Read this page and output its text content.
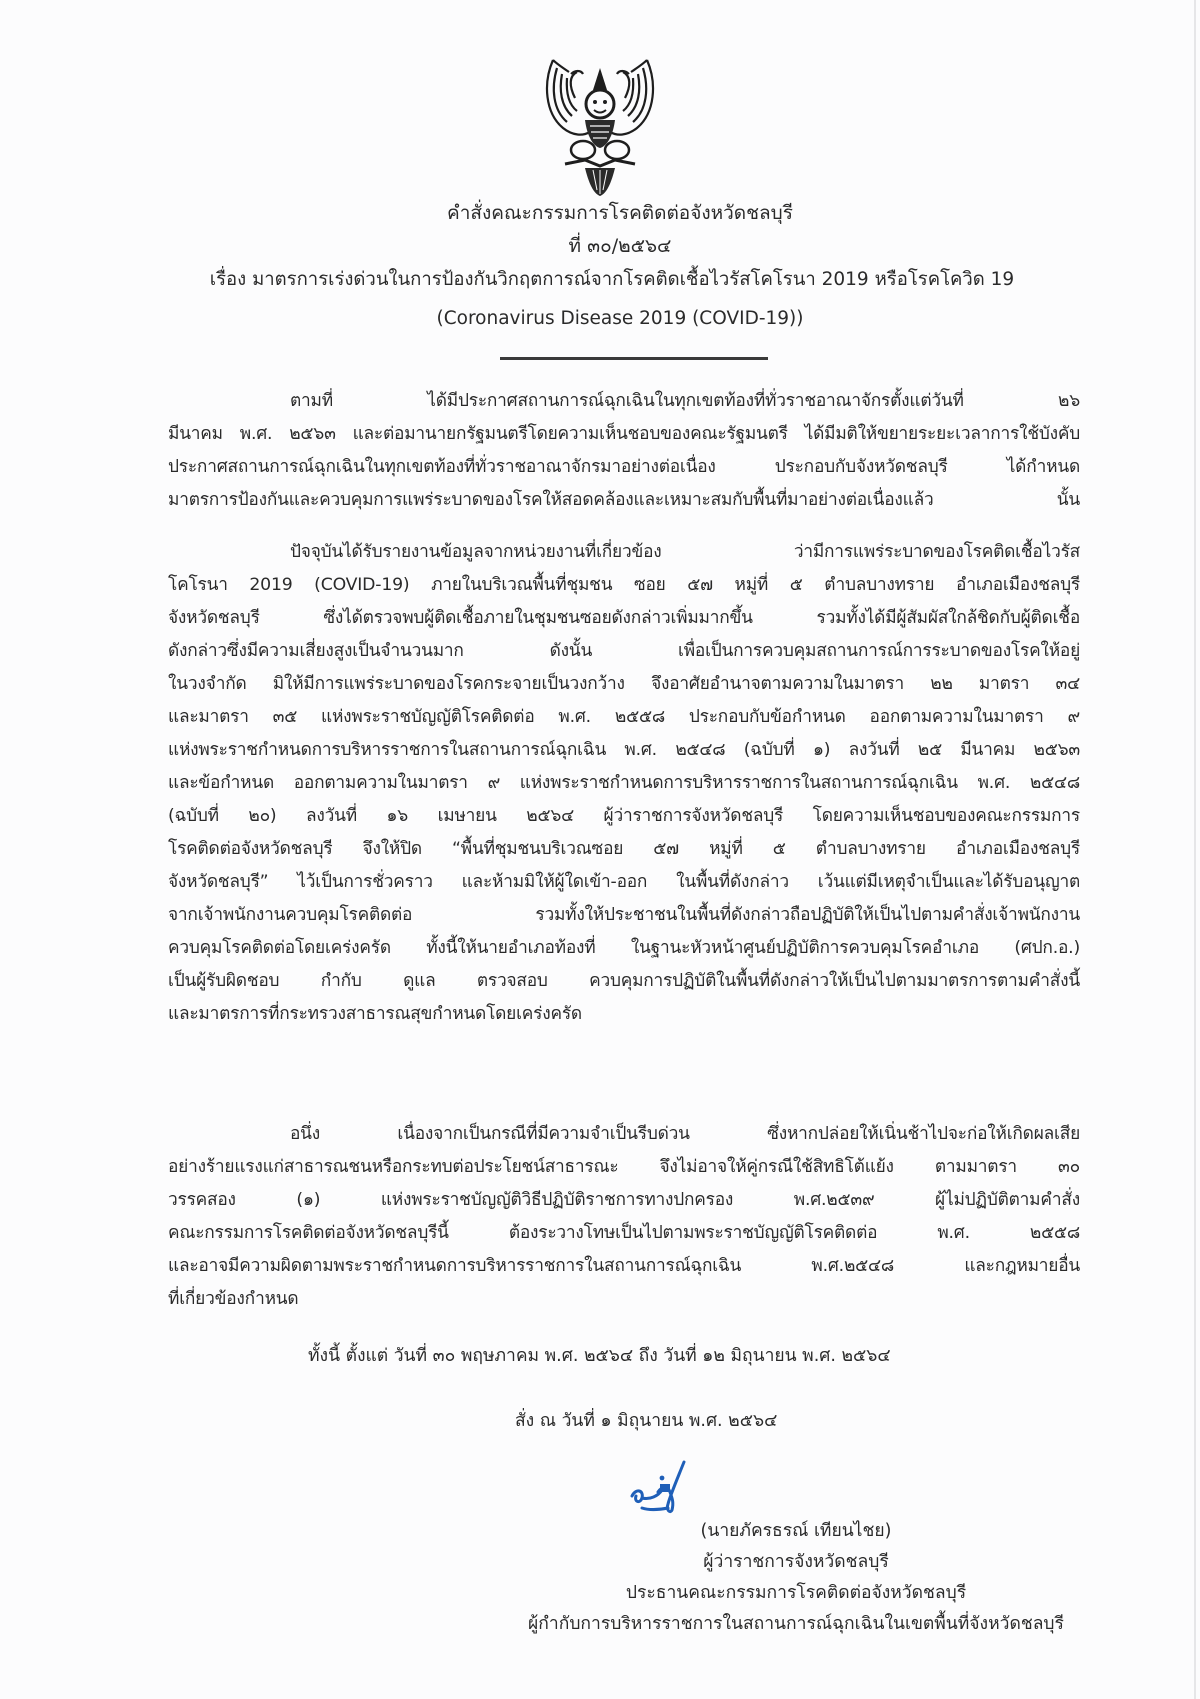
คำสั่งคณะกรรมการโรคติดต่อจังหวัดชลบุรี
ที่ ๓๐/๒๕๖๔
เรื่อง มาตรการเร่งด่วนในการป้องกันวิกฤตการณ์จากโรคติดเชื้อไวรัสโคโรนา 2019 หรือโรคโควิด 19
(Coronavirus Disease 2019 (COVID-19))
ตามที่ ได้มีประกาศสถานการณ์ฉุกเฉินในทุกเขตท้องที่ทั่วราชอาณาจักรตั้งแต่วันที่ ๒๖
มีนาคม พ.ศ. ๒๕๖๓ และต่อมานายกรัฐมนตรีโดยความเห็นชอบของคณะรัฐมนตรี ได้มีมติให้ขยายระยะเวลาการใช้บังคับ
ประกาศสถานการณ์ฉุกเฉินในทุกเขตท้องที่ทั่วราชอาณาจักรมาอย่างต่อเนื่อง ประกอบกับจังหวัดชลบุรี ได้กำหนด
มาตรการป้องกันและควบคุมการแพร่ระบาดของโรคให้สอดคล้องและเหมาะสมกับพื้นที่มาอย่างต่อเนื่องแล้ว นั้น
ปัจจุบันได้รับรายงานข้อมูลจากหน่วยงานที่เกี่ยวข้อง ว่ามีการแพร่ระบาดของโรคติดเชื้อไวรัส
โคโรนา 2019 (COVID-19) ภายในบริเวณพื้นที่ชุมชน ซอย ๕๗ หมู่ที่ ๕ ตำบลบางทราย อำเภอเมืองชลบุรี
จังหวัดชลบุรี ซึ่งได้ตรวจพบผู้ติดเชื้อภายในชุมชนซอยดังกล่าวเพิ่มมากขึ้น รวมทั้งได้มีผู้สัมผัสใกล้ชิดกับผู้ติดเชื้อ
ดังกล่าวซึ่งมีความเสี่ยงสูงเป็นจำนวนมาก ดังนั้น เพื่อเป็นการควบคุมสถานการณ์การระบาดของโรคให้อยู่
ในวงจำกัด มิให้มีการแพร่ระบาดของโรคกระจายเป็นวงกว้าง จึงอาศัยอำนาจตามความในมาตรา ๒๒ มาตรา ๓๔
และมาตรา ๓๕ แห่งพระราชบัญญัติโรคติดต่อ พ.ศ. ๒๕๕๘ ประกอบกับข้อกำหนด ออกตามความในมาตรา ๙
แห่งพระราชกำหนดการบริหารราชการในสถานการณ์ฉุกเฉิน พ.ศ. ๒๕๔๘ (ฉบับที่ ๑) ลงวันที่ ๒๕ มีนาคม ๒๕๖๓
และข้อกำหนด ออกตามความในมาตรา ๙ แห่งพระราชกำหนดการบริหารราชการในสถานการณ์ฉุกเฉิน พ.ศ. ๒๕๔๘
(ฉบับที่ ๒๐) ลงวันที่ ๑๖ เมษายน ๒๕๖๔ ผู้ว่าราชการจังหวัดชลบุรี โดยความเห็นชอบของคณะกรรมการ
โรคติดต่อจังหวัดชลบุรี จึงให้ปิด “พื้นที่ชุมชนบริเวณซอย ๕๗ หมู่ที่ ๕ ตำบลบางทราย อำเภอเมืองชลบุรี
จังหวัดชลบุรี” ไว้เป็นการชั่วคราว และห้ามมิให้ผู้ใดเข้า-ออก ในพื้นที่ดังกล่าว เว้นแต่มีเหตุจำเป็นและได้รับอนุญาต
จากเจ้าพนักงานควบคุมโรคติดต่อ รวมทั้งให้ประชาชนในพื้นที่ดังกล่าวถือปฏิบัติให้เป็นไปตามคำสั่งเจ้าพนักงาน
ควบคุมโรคติดต่อโดยเคร่งครัด ทั้งนี้ให้นายอำเภอท้องที่ ในฐานะหัวหน้าศูนย์ปฏิบัติการควบคุมโรคอำเภอ (ศปก.อ.)
เป็นผู้รับผิดชอบ กำกับ ดูแล ตรวจสอบ ควบคุมการปฏิบัติในพื้นที่ดังกล่าวให้เป็นไปตามมาตรการตามคำสั่งนี้
และมาตรการที่กระทรวงสาธารณสุขกำหนดโดยเคร่งครัด
อนึ่ง เนื่องจากเป็นกรณีที่มีความจำเป็นรีบด่วน ซึ่งหากปล่อยให้เนิ่นช้าไปจะก่อให้เกิดผลเสีย
อย่างร้ายแรงแก่สาธารณชนหรือกระทบต่อประโยชน์สาธารณะ จึงไม่อาจให้คู่กรณีใช้สิทธิโต้แย้ง ตามมาตรา ๓๐
วรรคสอง (๑) แห่งพระราชบัญญัติวิธีปฏิบัติราชการทางปกครอง พ.ศ.๒๕๓๙ ผู้ไม่ปฏิบัติตามคำสั่ง
คณะกรรมการโรคติดต่อจังหวัดชลบุรีนี้ ต้องระวางโทษเป็นไปตามพระราชบัญญัติโรคติดต่อ พ.ศ. ๒๕๕๘
และอาจมีความผิดตามพระราชกำหนดการบริหารราชการในสถานการณ์ฉุกเฉิน พ.ศ.๒๕๔๘ และกฎหมายอื่น
ที่เกี่ยวข้องกำหนด
ทั้งนี้ ตั้งแต่ วันที่ ๓๐ พฤษภาคม พ.ศ. ๒๕๖๔ ถึง วันที่ ๑๒ มิถุนายน พ.ศ. ๒๕๖๔
สั่ง ณ วันที่ ๑ มิถุนายน พ.ศ. ๒๕๖๔
(นายภัครธรณ์ เทียนไชย)
ผู้ว่าราชการจังหวัดชลบุรี
ประธานคณะกรรมการโรคติดต่อจังหวัดชลบุรี
ผู้กำกับการบริหารราชการในสถานการณ์ฉุกเฉินในเขตพื้นที่จังหวัดชลบุรี
